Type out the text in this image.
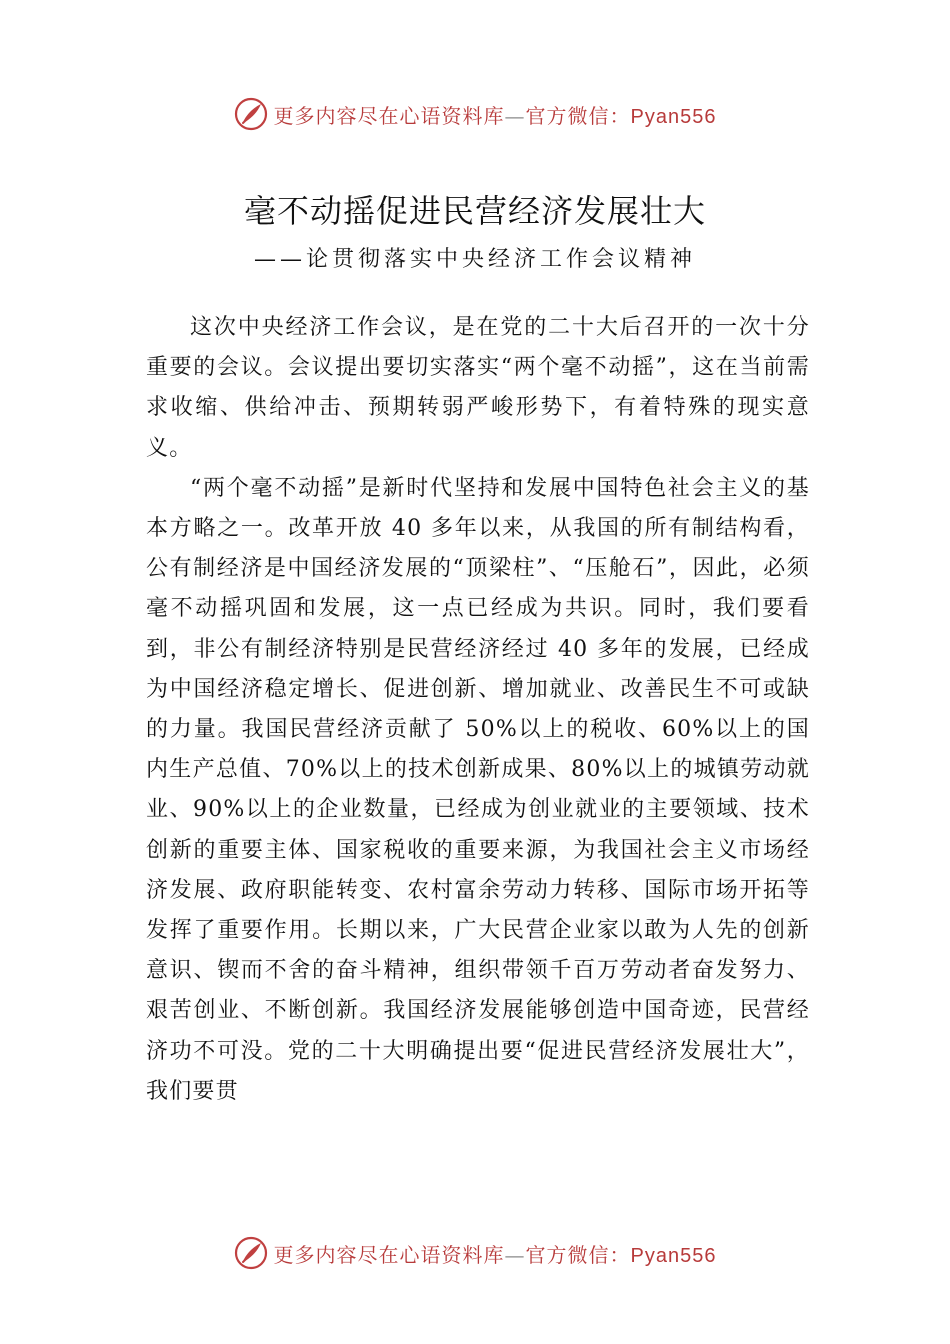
更多内容尽在心语资料库—官方微信：Pyan556
毫不动摇促进民营经济发展壮大
——论贯彻落实中央经济工作会议精神

这次中央经济工作会议，是在党的二十大后召开的一次十分重要的会议。会议提出要切实落实“两个毫不动摇”，这在当前需求收缩、供给冲击、预期转弱严峻形势下，有着特殊的现实意义。

“两个毫不动摇”是新时代坚持和发展中国特色社会主义的基本方略之一。改革开放 40 多年以来，从我国的所有制结构看，公有制经济是中国经济发展的“顶梁柱”、“压舱石”，因此，必须毫不动摇巩固和发展，这一点已经成为共识。同时，我们要看到，非公有制经济特别是民营经济经过 40 多年的发展，已经成为中国经济稳定增长、促进创新、增加就业、改善民生不可或缺的力量。我国民营经济贡献了 50%以上的税收、60%以上的国内生产总值、70%以上的技术创新成果、80%以上的城镇劳动就业、90%以上的企业数量，已经成为创业就业的主要领域、技术创新的重要主体、国家税收的重要来源，为我国社会主义市场经济发展、政府职能转变、农村富余劳动力转移、国际市场开拓等发挥了重要作用。长期以来，广大民营企业家以敢为人先的创新意识、锲而不舍的奋斗精神，组织带领千百万劳动者奋发努力、艰苦创业、不断创新。我国经济发展能够创造中国奇迹，民营经济功不可没。党的二十大明确提出要“促进民营经济发展壮大”，我们要贯

更多内容尽在心语资料库—官方微信：Pyan556
